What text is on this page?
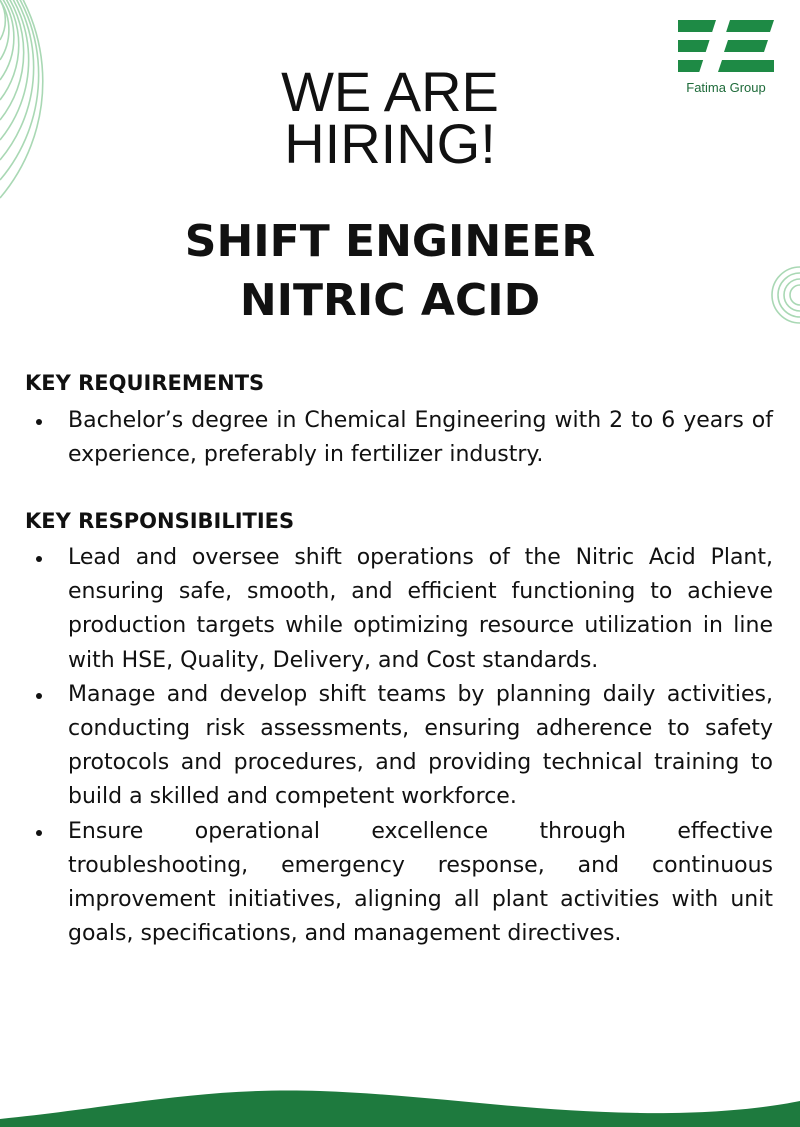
Fatima Group
WE ARE
HIRING!
SHIFT ENGINEER
NITRIC ACID
KEY REQUIREMENTS
Bachelor’s degree in Chemical Engineering with 2 to 6 years of experience, preferably in fertilizer industry.
KEY RESPONSIBILITIES
Lead and oversee shift operations of the Nitric Acid Plant, ensuring safe, smooth, and efficient functioning to achieve production targets while optimizing resource utilization in line with HSE, Quality, Delivery, and Cost standards.
Manage and develop shift teams by planning daily activities, conducting risk assessments, ensuring adherence to safety protocols and procedures, and providing technical training to build a skilled and competent workforce.
Ensure operational excellence through effective troubleshooting, emergency response, and continuous improvement initiatives, aligning all plant activities with unit goals, specifications, and management directives.
